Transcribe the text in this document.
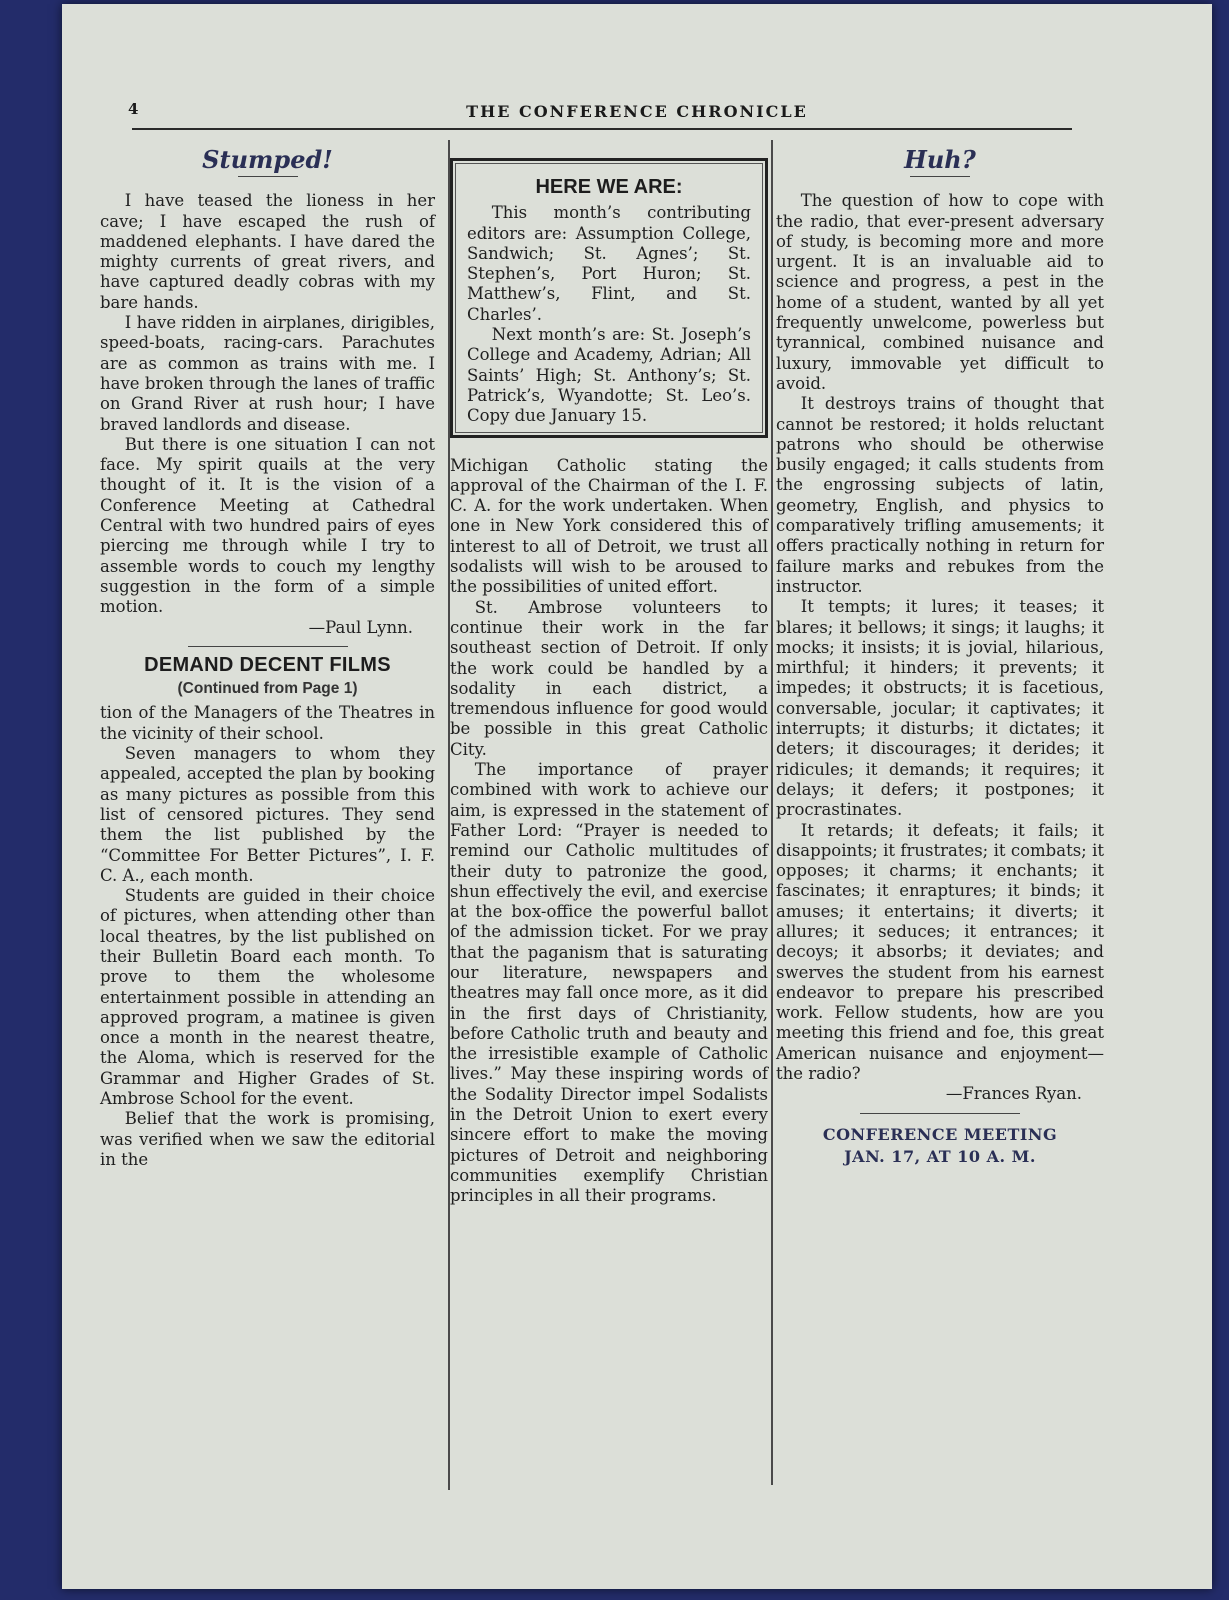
4	THE CONFERENCE CHRONICLE
Stumped!

I have teased the lioness in her cave; I have escaped the rush of maddened elephants. I have dared the mighty currents of great rivers, and have captured deadly cobras with my bare hands.

I have ridden in airplanes, dirigibles, speed-boats, racing-cars. Parachutes are as common as trains with me. I have broken through the lanes of traffic on Grand River at rush hour; I have braved landlords and disease.

But there is one situation I can not face. My spirit quails at the very thought of it. It is the vision of a Conference Meeting at Cathedral Central with two hundred pairs of eyes piercing me through while I try to assemble words to couch my lengthy suggestion in the form of a simple motion.

—Paul Lynn.

DEMAND DECENT FILMS
(Continued from Page 1)

tion of the Managers of the Theatres in the vicinity of their school.

Seven managers to whom they appealed, accepted the plan by booking as many pictures as possible from this list of censored pictures. They send them the list published by the “Committee For Better Pictures”, I. F. C. A., each month.

Students are guided in their choice of pictures, when attending other than local theatres, by the list published on their Bulletin Board each month. To prove to them the wholesome entertainment possible in attending an approved program, a matinee is given once a month in the nearest theatre, the Aloma, which is reserved for the Grammar and Higher Grades of St. Ambrose School for the event.

Belief that the work is promising, was verified when we saw the editorial in the

HERE WE ARE:

This month’s contributing editors are: Assumption College, Sandwich; St. Agnes’; St. Stephen’s, Port Huron; St. Matthew’s, Flint, and St. Charles’.

Next month’s are: St. Joseph’s College and Academy, Adrian; All Saints’ High; St. Anthony’s; St. Patrick’s, Wyandotte; St. Leo’s. Copy due January 15.

Michigan Catholic stating the approval of the Chairman of the I. F. C. A. for the work undertaken. When one in New York considered this of interest to all of Detroit, we trust all sodalists will wish to be aroused to the possibilities of united effort.

St. Ambrose volunteers to continue their work in the far southeast section of Detroit. If only the work could be handled by a sodality in each district, a tremendous influence for good would be possible in this great Catholic City.

The importance of prayer combined with work to achieve our aim, is expressed in the statement of Father Lord: “Prayer is needed to remind our Catholic multitudes of their duty to patronize the good, shun effectively the evil, and exercise at the box-office the powerful ballot of the admission ticket. For we pray that the paganism that is saturating our literature, newspapers and theatres may fall once more, as it did in the first days of Christianity, before Catholic truth and beauty and the irresistible example of Catholic lives.” May these inspiring words of the Sodality Director impel Sodalists in the Detroit Union to exert every sincere effort to make the moving pictures of Detroit and neighboring communities exemplify Christian principles in all their programs.

Huh?

The question of how to cope with the radio, that ever-present adversary of study, is becoming more and more urgent. It is an invaluable aid to science and progress, a pest in the home of a student, wanted by all yet frequently unwelcome, powerless but tyrannical, combined nuisance and luxury, immovable yet difficult to avoid.

It destroys trains of thought that cannot be restored; it holds reluctant patrons who should be otherwise busily engaged; it calls students from the engrossing subjects of latin, geometry, English, and physics to comparatively trifling amusements; it offers practically nothing in return for failure marks and rebukes from the instructor.

It tempts; it lures; it teases; it blares; it bellows; it sings; it laughs; it mocks; it insists; it is jovial, hilarious, mirthful; it hinders; it prevents; it impedes; it obstructs; it is facetious, conversable, jocular; it captivates; it interrupts; it disturbs; it dictates; it deters; it discourages; it derides; it ridicules; it demands; it requires; it delays; it defers; it postpones; it procrastinates.

It retards; it defeats; it fails; it disappoints; it frustrates; it combats; it opposes; it charms; it enchants; it fascinates; it enraptures; it binds; it amuses; it entertains; it diverts; it allures; it seduces; it entrances; it decoys; it absorbs; it deviates; and swerves the student from his earnest endeavor to prepare his prescribed work. Fellow students, how are you meeting this friend and foe, this great American nuisance and enjoyment—the radio?

—Frances Ryan.

CONFERENCE MEETING
JAN. 17, AT 10 A. M.
